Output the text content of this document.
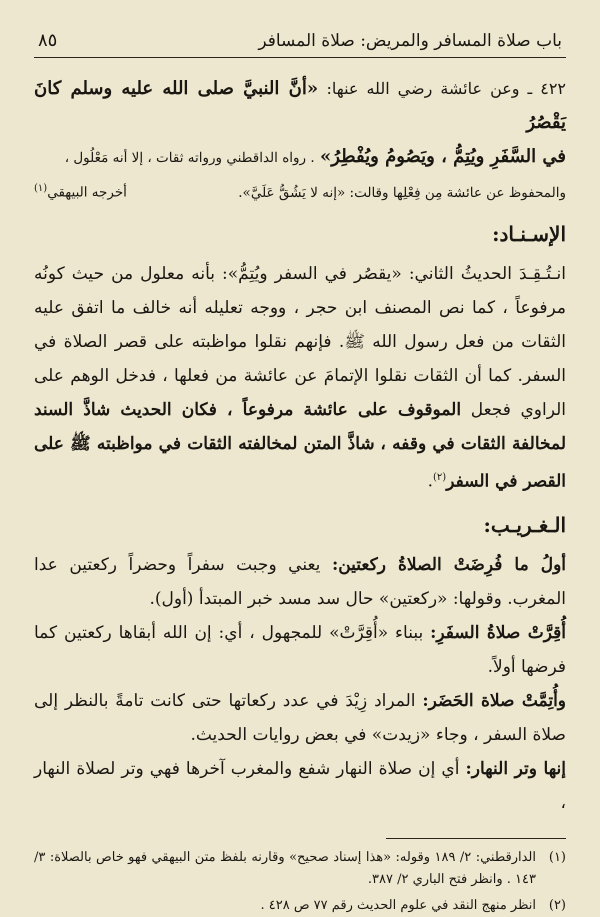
باب صلاة المسافر والمريض: صلاة المسافر
٨٥

٤٢٢ ـ وعن عائشة رضي الله عنها: «أنَّ النبيَّ صلى الله عليه وسلم كانَ يَقْصُرُ

في السَّفَرِ ويُتِمُّ ، ويَصُومُ ويُفْطِرُ» . رواه الداقطني ورواته ثقات ، إلا أنه مَعْلُول ،

والمحفوظ عن عائشة مِن فِعْلِها وقالت: «إنه لا يَشُقُّ عَلَيَّ».
أخرجه البيهقي$^{(١)}$
الإسـنـاد:

انـتُـقِـدَ الحديثُ الثاني: «يقصُر في السفر ويُتِمُّ»: بأنه معلول من حيث كونُه مرفوعاً ، كما نص المصنف ابن حجر ، ووجه تعليله أنه خالف ما اتفق عليه الثقات من فعل رسول الله ﷺ. فإنهم نقلوا مواظبته على قصر الصلاة في السفر. كما أن الثقات نقلوا الإتمامَ عن عائشة من فعلها ، فدخل الوهم على الراوي فجعل الموقوف على عائشة مرفوعاً ، فكان الحديث شاذَّ السند لمخالفة الثقات في وقفه ، شاذَّ المتن لمخالفته الثقات في مواظبته ﷺ على القصر في السفر$^{(٢)}$.

الـغـريـب:

أولُ ما فُرِضَتْ الصلاةُ ركعتين: يعني وجبت سفراً وحضراً ركعتين عدا المغرب. وقولها: «ركعتين» حال سد مسد خبر المبتدأ (أول).

أُقِرَّتْ صلاةُ السفَرِ: ببناء «أُقِرَّتْ» للمجهول ، أي: إن الله أبقاها ركعتين كما فرضها أولاً.

وأُتِمَّتْ صلاة الحَضَر: المراد زِيْدَ في عدد ركعاتها حتى كانت تامةً بالنظر إلى صلاة السفر ، وجاء «زيدت» في بعض روايات الحديث.

إنها وتر النهار: أي إن صلاة النهار شفع والمغرب آخرها فهي وتر لصلاة النهار ،

(١)
الدارقطني: ٢/ ١٨٩ وقوله: «هذا إسناد صحيح» وقارنه بلفظ متن البيهقي فهو خاص بالصلاة: ٣/ ١٤٣ . وانظر فتح الباري ٢/ ٣٨٧.
(٢)
انظر منهج النقد في علوم الحديث رقم ٧٧ ص ٤٢٨ .
